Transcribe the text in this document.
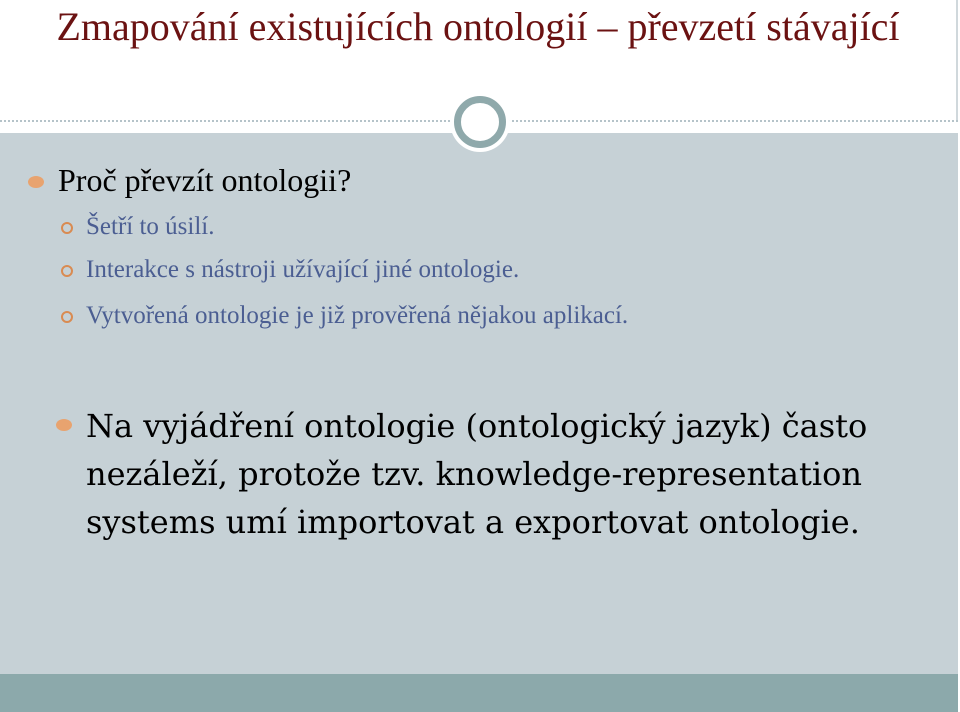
Zmapování existujících ontologií – převzetí stávající

Proč převzít ontologii?

Šetří to úsilí.

Interakce s nástroji užívající jiné ontologie.

Vytvořená ontologie je již prověřená nějakou aplikací.

Na vyjádření ontologie (ontologický jazyk) často nezáleží, protože tzv. knowledge-representation systems umí importovat a exportovat ontologie.
